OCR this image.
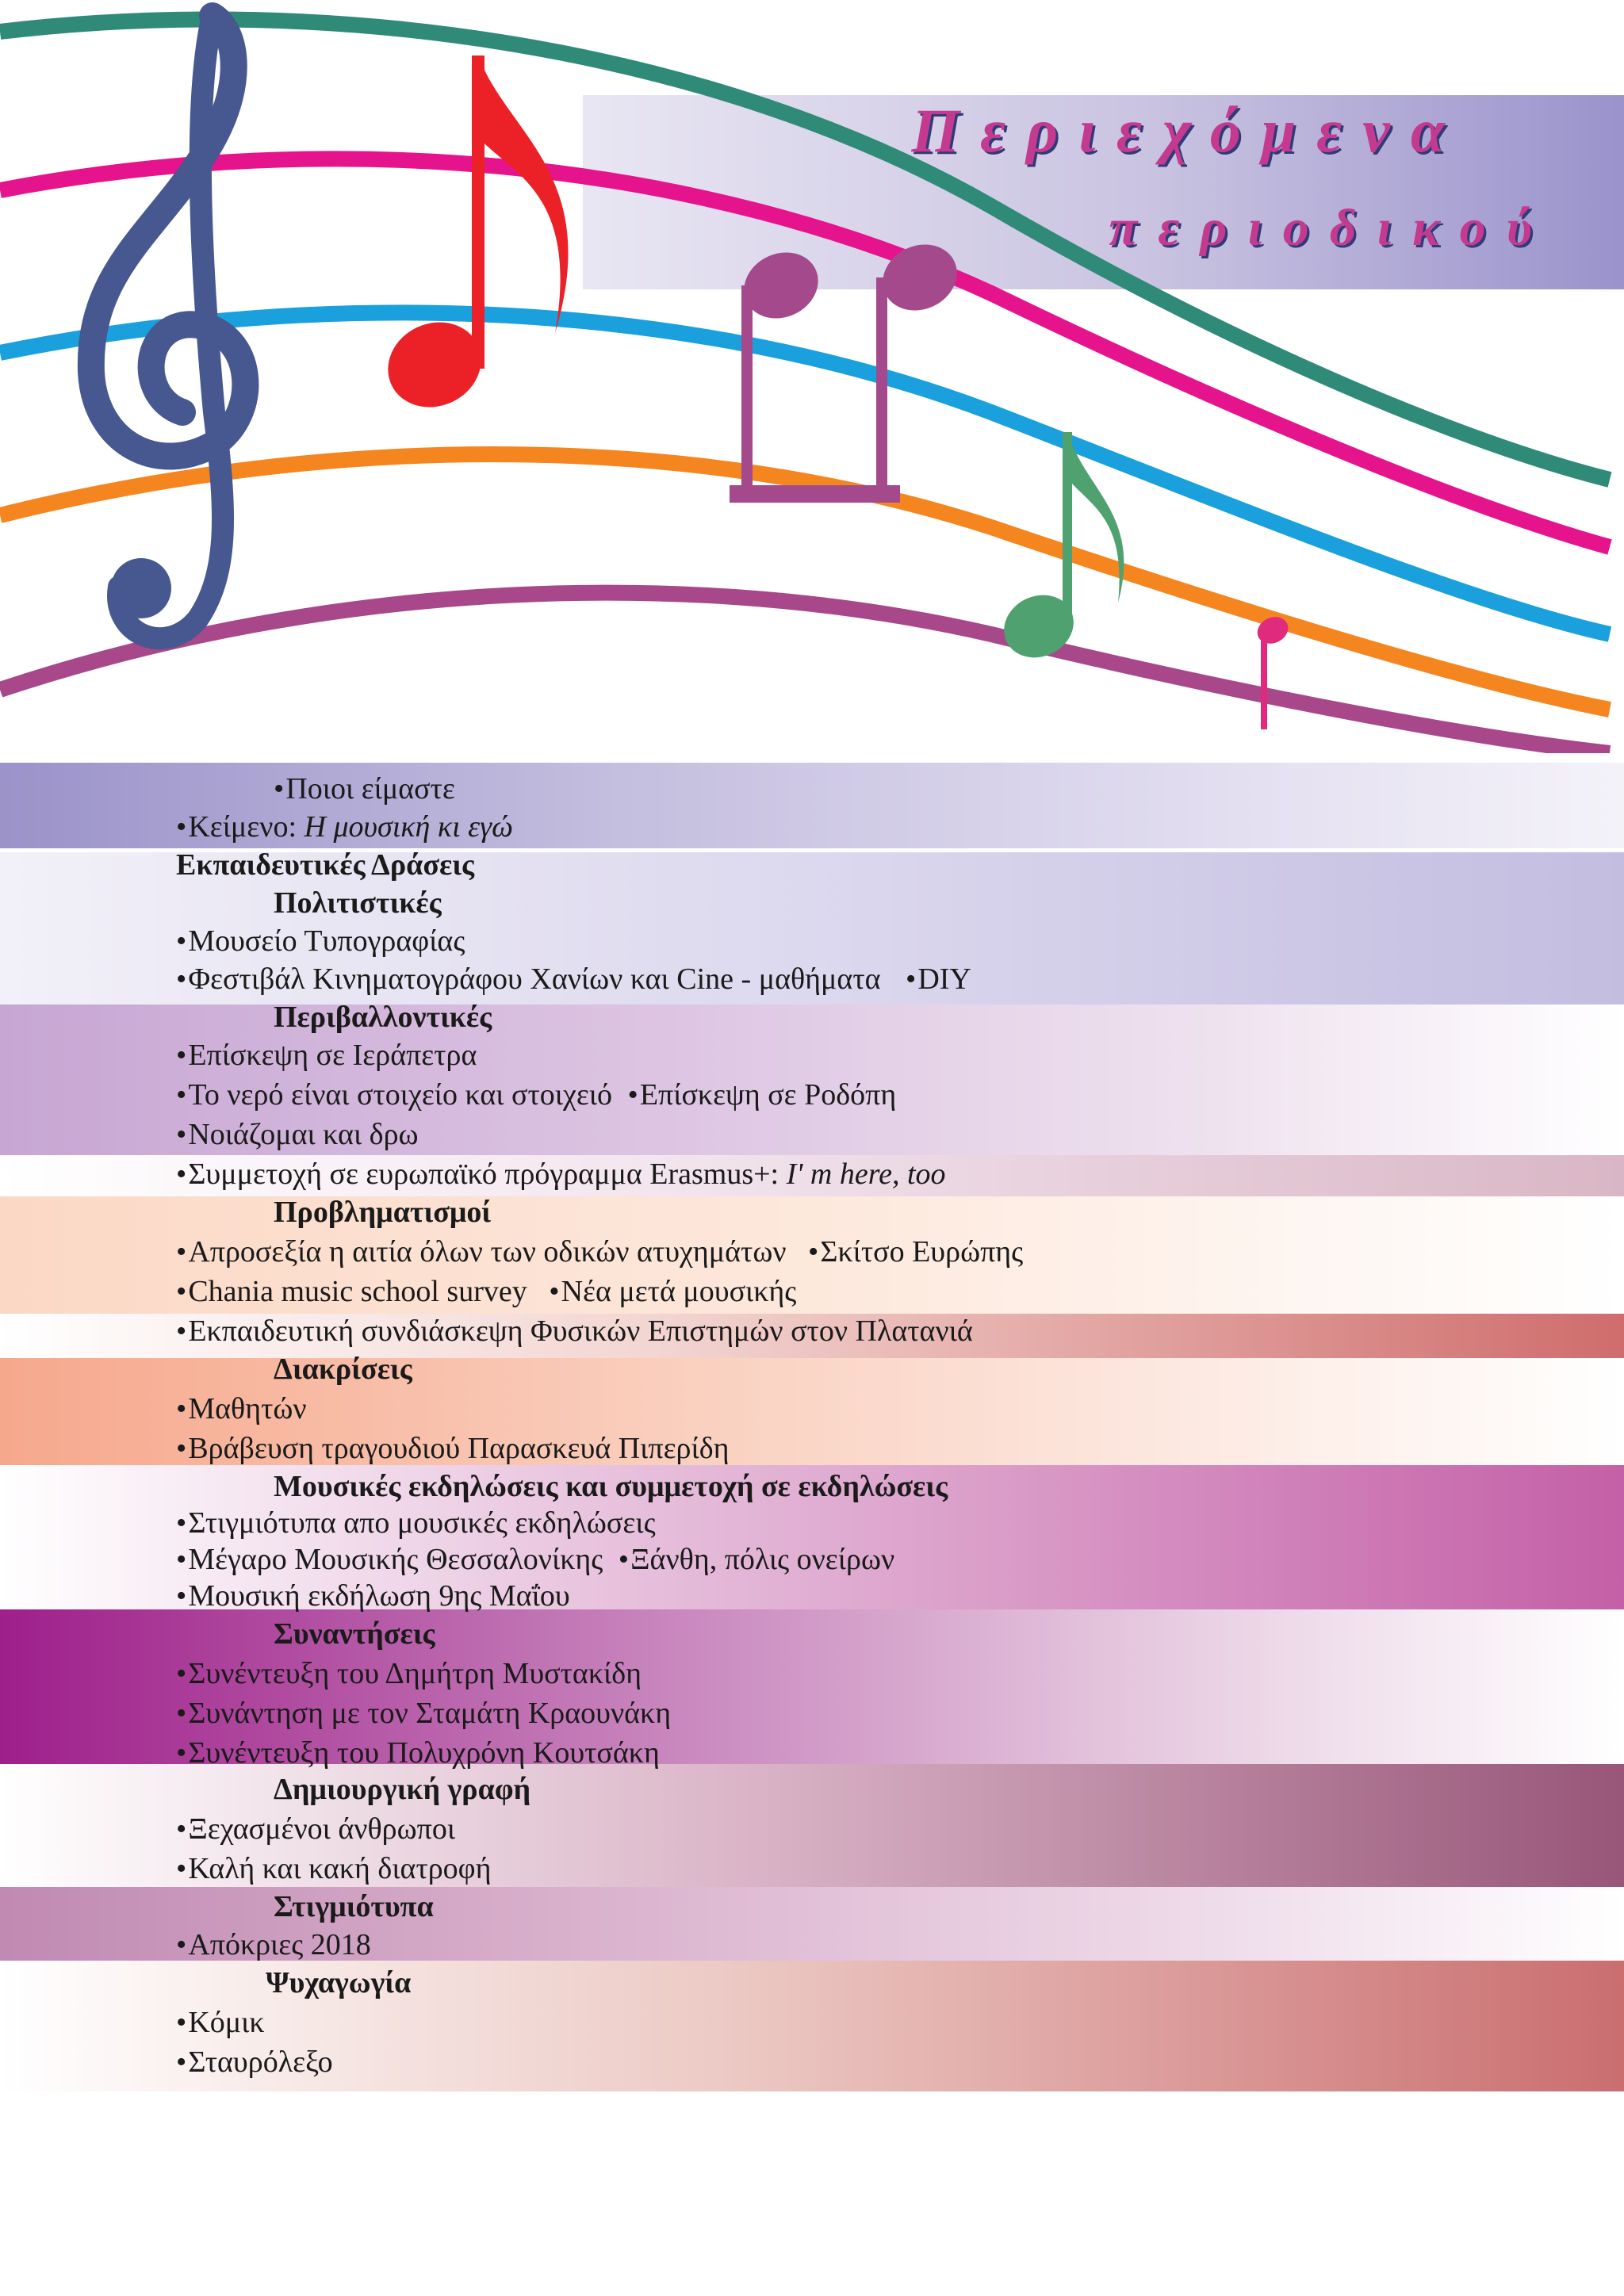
Περιεχόμενα
περιοδικού
•Ποιοι είμαστε
•Κείμενο: Η μουσική κι εγώ
Εκπαιδευτικές Δράσεις
Πολιτιστικές
•Μουσείο Τυπογραφίας
•Φεστιβάλ Κινηματογράφου Χανίων και Cine - μαθήματα •DIY
Περιβαλλοντικές
•Επίσκεψη σε Ιεράπετρα
•Το νερό είναι στοιχείο και στοιχειό •Επίσκεψη σε Ροδόπη
•Νοιάζομαι και δρω
•Συμμετοχή σε ευρωπαϊκό πρόγραμμα Erasmus+: I' m here, too
Προβληματισμοί
•Απροσεξία η αιτία όλων των οδικών ατυχημάτων •Σκίτσο Ευρώπης
•Chania music school survey •Νέα μετά μουσικής
•Εκπαιδευτική συνδιάσκεψη Φυσικών Επιστημών στον Πλατανιά
Διακρίσεις
•Μαθητών
•Βράβευση τραγουδιού Παρασκευά Πιπερίδη
Μουσικές εκδηλώσεις και συμμετοχή σε εκδηλώσεις
•Στιγμιότυπα απο μουσικές εκδηλώσεις
•Μέγαρο Μουσικής Θεσσαλονίκης •Ξάνθη, πόλις ονείρων
•Μουσική εκδήλωση 9ης Μαΐου
Συναντήσεις
•Συνέντευξη του Δημήτρη Μυστακίδη
•Συνάντηση με τον Σταμάτη Κραουνάκη
•Συνέντευξη του Πολυχρόνη Κουτσάκη
Δημιουργική γραφή
•Ξεχασμένοι άνθρωποι
•Καλή και κακή διατροφή
Στιγμιότυπα
•Απόκριες 2018
Ψυχαγωγία
•Κόμικ
•Σταυρόλεξο
